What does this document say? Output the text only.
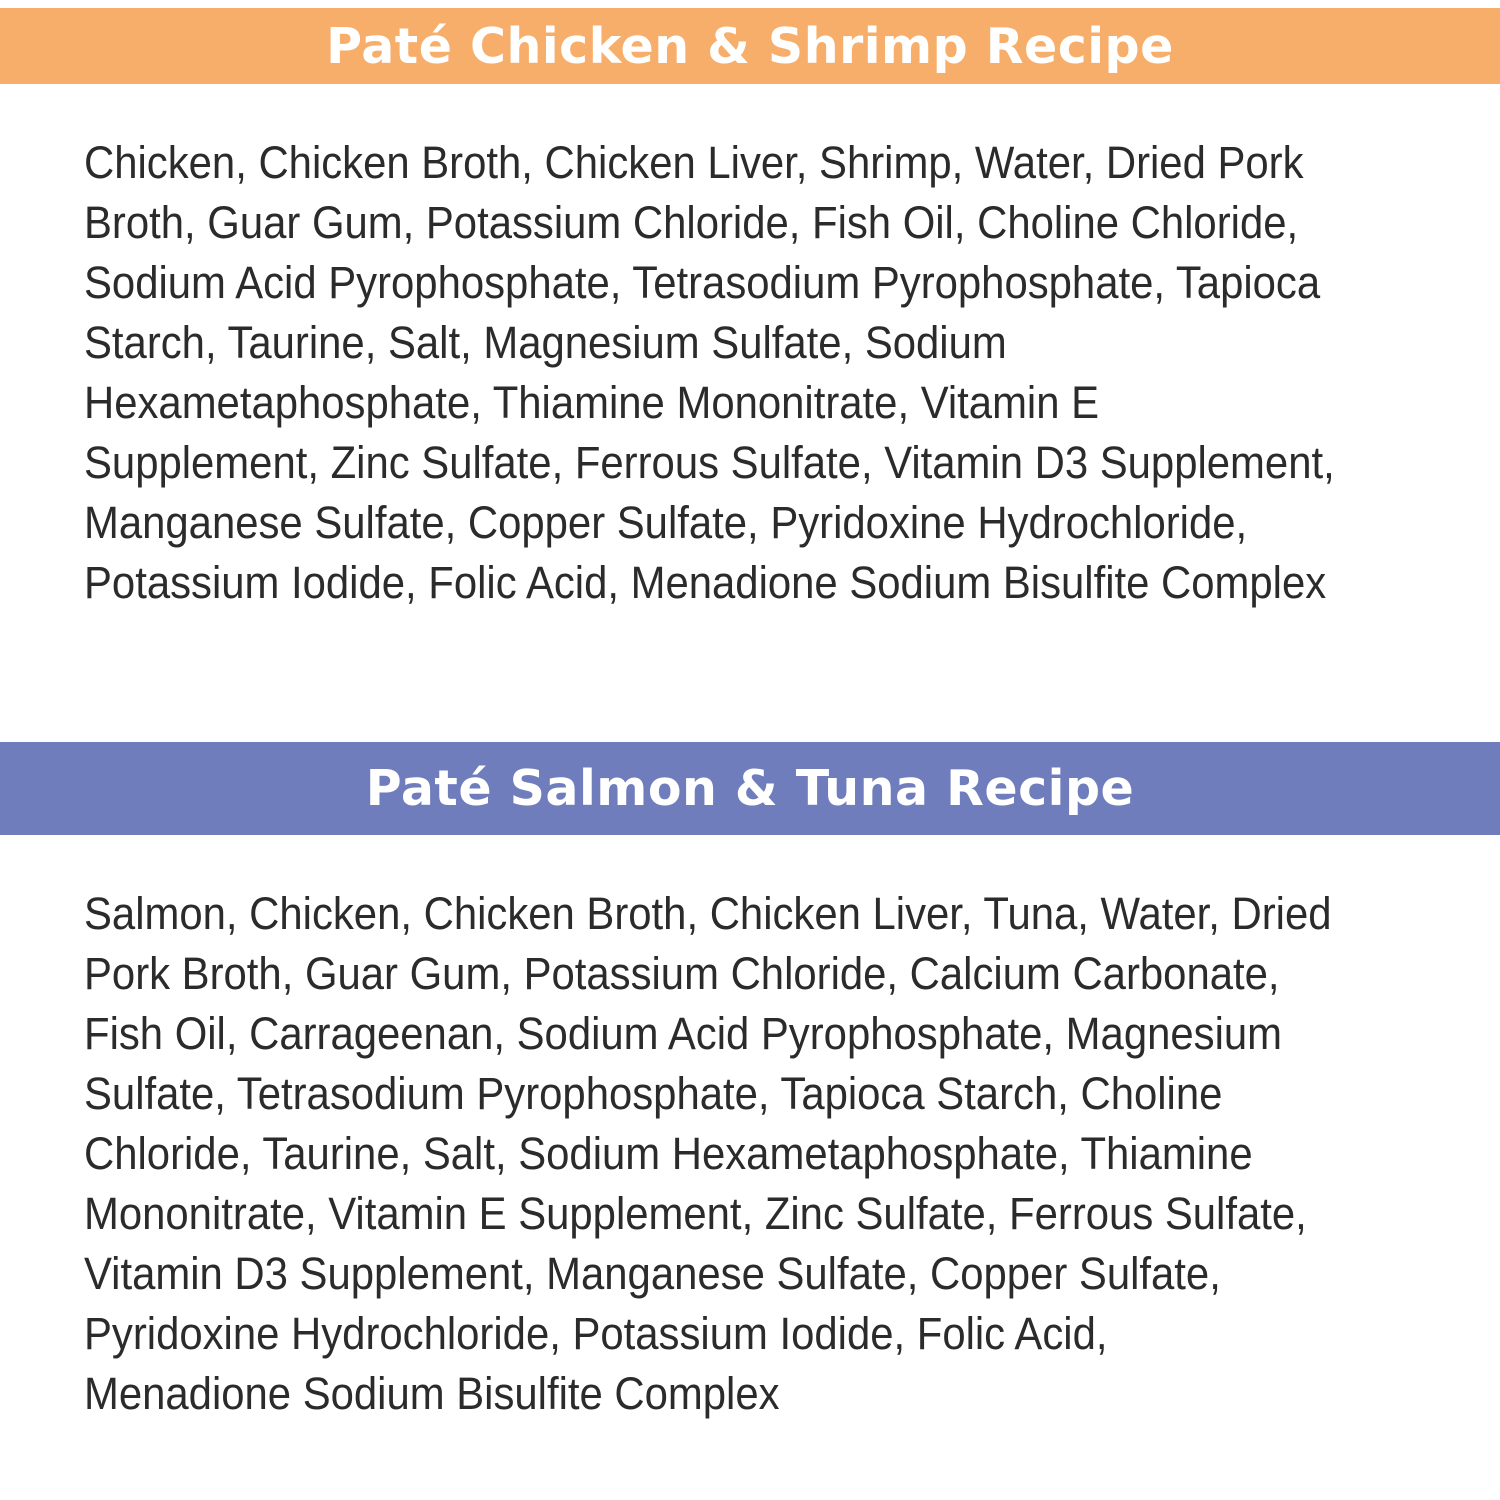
Paté Chicken & Shrimp Recipe

Chicken, Chicken Broth, Chicken Liver, Shrimp, Water, Dried Pork
Broth, Guar Gum, Potassium Chloride, Fish Oil, Choline Chloride,
Sodium Acid Pyrophosphate, Tetrasodium Pyrophosphate, Tapioca
Starch, Taurine, Salt, Magnesium Sulfate, Sodium
Hexametaphosphate, Thiamine Mononitrate, Vitamin E
Supplement, Zinc Sulfate, Ferrous Sulfate, Vitamin D3 Supplement,
Manganese Sulfate, Copper Sulfate, Pyridoxine Hydrochloride,
Potassium Iodide, Folic Acid, Menadione Sodium Bisulfite Complex

Paté Salmon & Tuna Recipe

Salmon, Chicken, Chicken Broth, Chicken Liver, Tuna, Water, Dried
Pork Broth, Guar Gum, Potassium Chloride, Calcium Carbonate,
Fish Oil, Carrageenan, Sodium Acid Pyrophosphate, Magnesium
Sulfate, Tetrasodium Pyrophosphate, Tapioca Starch, Choline
Chloride, Taurine, Salt, Sodium Hexametaphosphate, Thiamine
Mononitrate, Vitamin E Supplement, Zinc Sulfate, Ferrous Sulfate,
Vitamin D3 Supplement, Manganese Sulfate, Copper Sulfate,
Pyridoxine Hydrochloride, Potassium Iodide, Folic Acid,
Menadione Sodium Bisulfite Complex
